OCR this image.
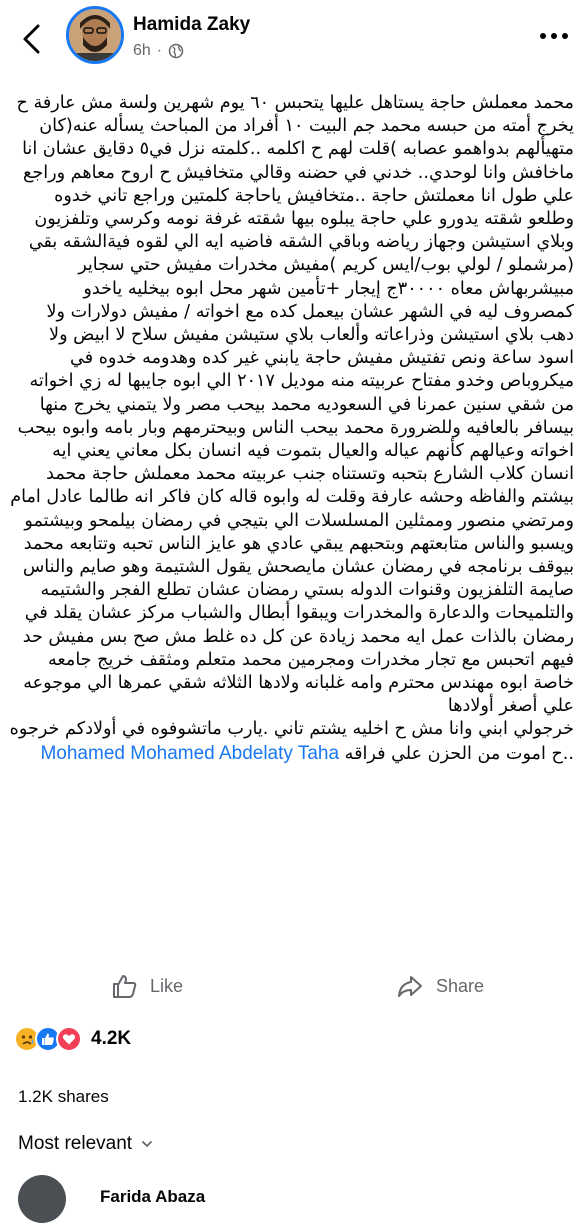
Hamida Zaky
6h ·

محمد معملش حاجة يستاهل عليها يتحبس ٦٠ يوم شهرين ولسة مش عارفة ح يخرج أمته من حبسه محمد جم البيت ١٠ أفراد من المباحث يسأله عنه(كان متهيألهم بدواهمو عصابه )قلت لهم ح اكلمه ..كلمته نزل في٥ دقايق عشان انا ماخافش وانا لوحدي.. خدني في حضنه وقالي متخافيش ح اروح معاهم وراجع علي طول انا معملتش حاجة ..متخافيش ياحاجة كلمتين وراجع تاني خدوه وطلعو شقته يدورو علي حاجة يبلوه بيها شقته غرفة نومه وكرسي وتلفزيون وبلاي استيشن وجهاز رياضه وباقي الشقه فاضيه ايه الي لقوه فيةالشقه بقي (مرشملو / لولي بوب/ايس كريم )مفيش مخدرات مفيش حتي سجاير مبيشربهاش معاه ٣٠٠٠٠ج إيجار +تأمين شهر محل ابوه بيخليه ياخدو كمصروف ليه في الشهر عشان بيعمل كده مع اخواته / مفيش دولارات ولا دهب بلاي استيشن وذراعاته وألعاب بلاي ستيشن مفيش سلاح لا ابيض ولا اسود ساعة ونص تفتيش مفيش حاجة يابني غير كده وهدومه خدوه في ميكروباص وخدو مفتاح عربيته منه موديل ٢٠١٧ الي ابوه جايبها له زي اخواته من شقي سنين عمرنا في السعوديه محمد بيحب مصر ولا يتمني يخرج منها بيسافر بالعافيه وللضرورة محمد بيحب الناس وبيحترمهم وبار بامه وابوه بيحب اخواته وعيالهم كأنهم عياله والعيال بتموت فيه انسان بكل معاني يعني ايه انسان كلاب الشارع بتحبه وتستناه جنب عربيته محمد معملش حاجة محمد بيشتم والفاظه وحشه عارفة وقلت له وابوه قاله كان فاكر انه طالما عادل امام ومرتضي منصور وممثلين المسلسلات الي بتيجي في رمضان بيلمحو وبيشتمو ويسبو والناس متابعتهم وبتحبهم يبقي عادي هو عايز الناس تحبه وتتابعه محمد بيوقف برنامجه في رمضان عشان مايصحش يقول الشتيمة وهو صايم والناس صايمة التلفزيون وقنوات الدوله بستي رمضان عشان تطلع الفجر والشتيمه والتلميحات والدعارة والمخدرات ويبقوا أبطال والشباب مركز عشان يقلد في رمضان بالذات عمل ايه محمد زيادة عن كل ده غلط مش صح بس مفيش حد فيهم اتحبس مع تجار مخدرات ومجرمين محمد متعلم ومثقف خريج جامعه خاصة ابوه مهندس محترم وامه غلبانه ولادها الثلاثه شقي عمرها الي موجوعه علي أصغر أولادها

خرجولي ابني وانا مش ح اخليه يشتم تاني .يارب ماتشوفوه في أولادكم خرجوه ..ح اموت من الحزن علي فراقه Mohamed Mohamed Abdelaty Taha

Like	Share
4.2K
1.2K shares
Most relevant
Farida Abaza
